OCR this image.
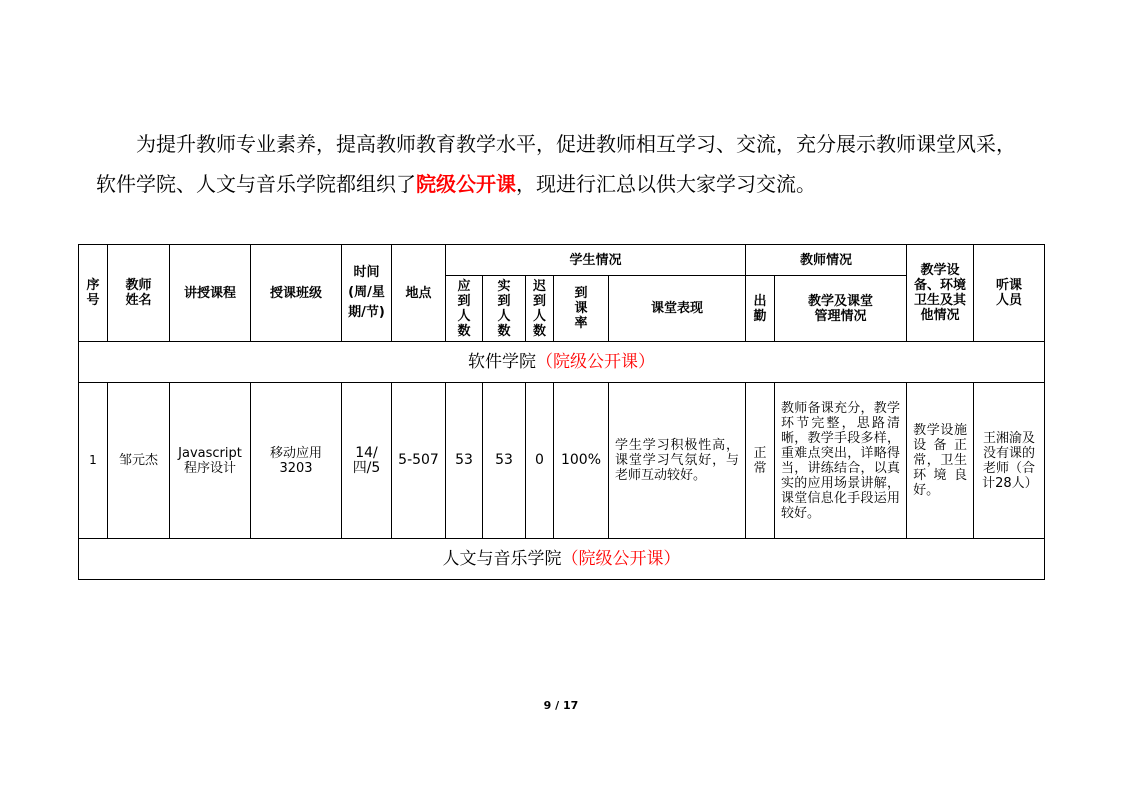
为提升教师专业素养，提高教师教育教学水平，促进教师相互学习、交流，充分展示教师课堂风采，软件学院、人文与音乐学院都组织了院级公开课，现进行汇总以供大家学习交流。
序号	教师姓名	讲授课程	授课班级	时间(周/星期/节)	地点	学生情况					教师情况		教学设备、环境卫生及其他情况	听课人员
						应到人数	实到人数	迟到人数	到课率	课堂表现	出勤	教学及课堂管理情况		
软件学院（院级公开课）														
1	邹元杰	Javascript程序设计	移动应用3203	14/四/5	5-507	53	53	0	100%	学生学习积极性高，课堂学习气氛好，与老师互动较好。	正常	教师备课充分，教学环节完整，思路清晰，教学手段多样，重难点突出，详略得当，讲练结合，以真实的应用场景讲解，课堂信息化手段运用较好。	教学设施设备正常，卫生环境良好。	王湘渝及没有课的老师（合计28人）
人文与音乐学院（院级公开课）														
9 / 17
